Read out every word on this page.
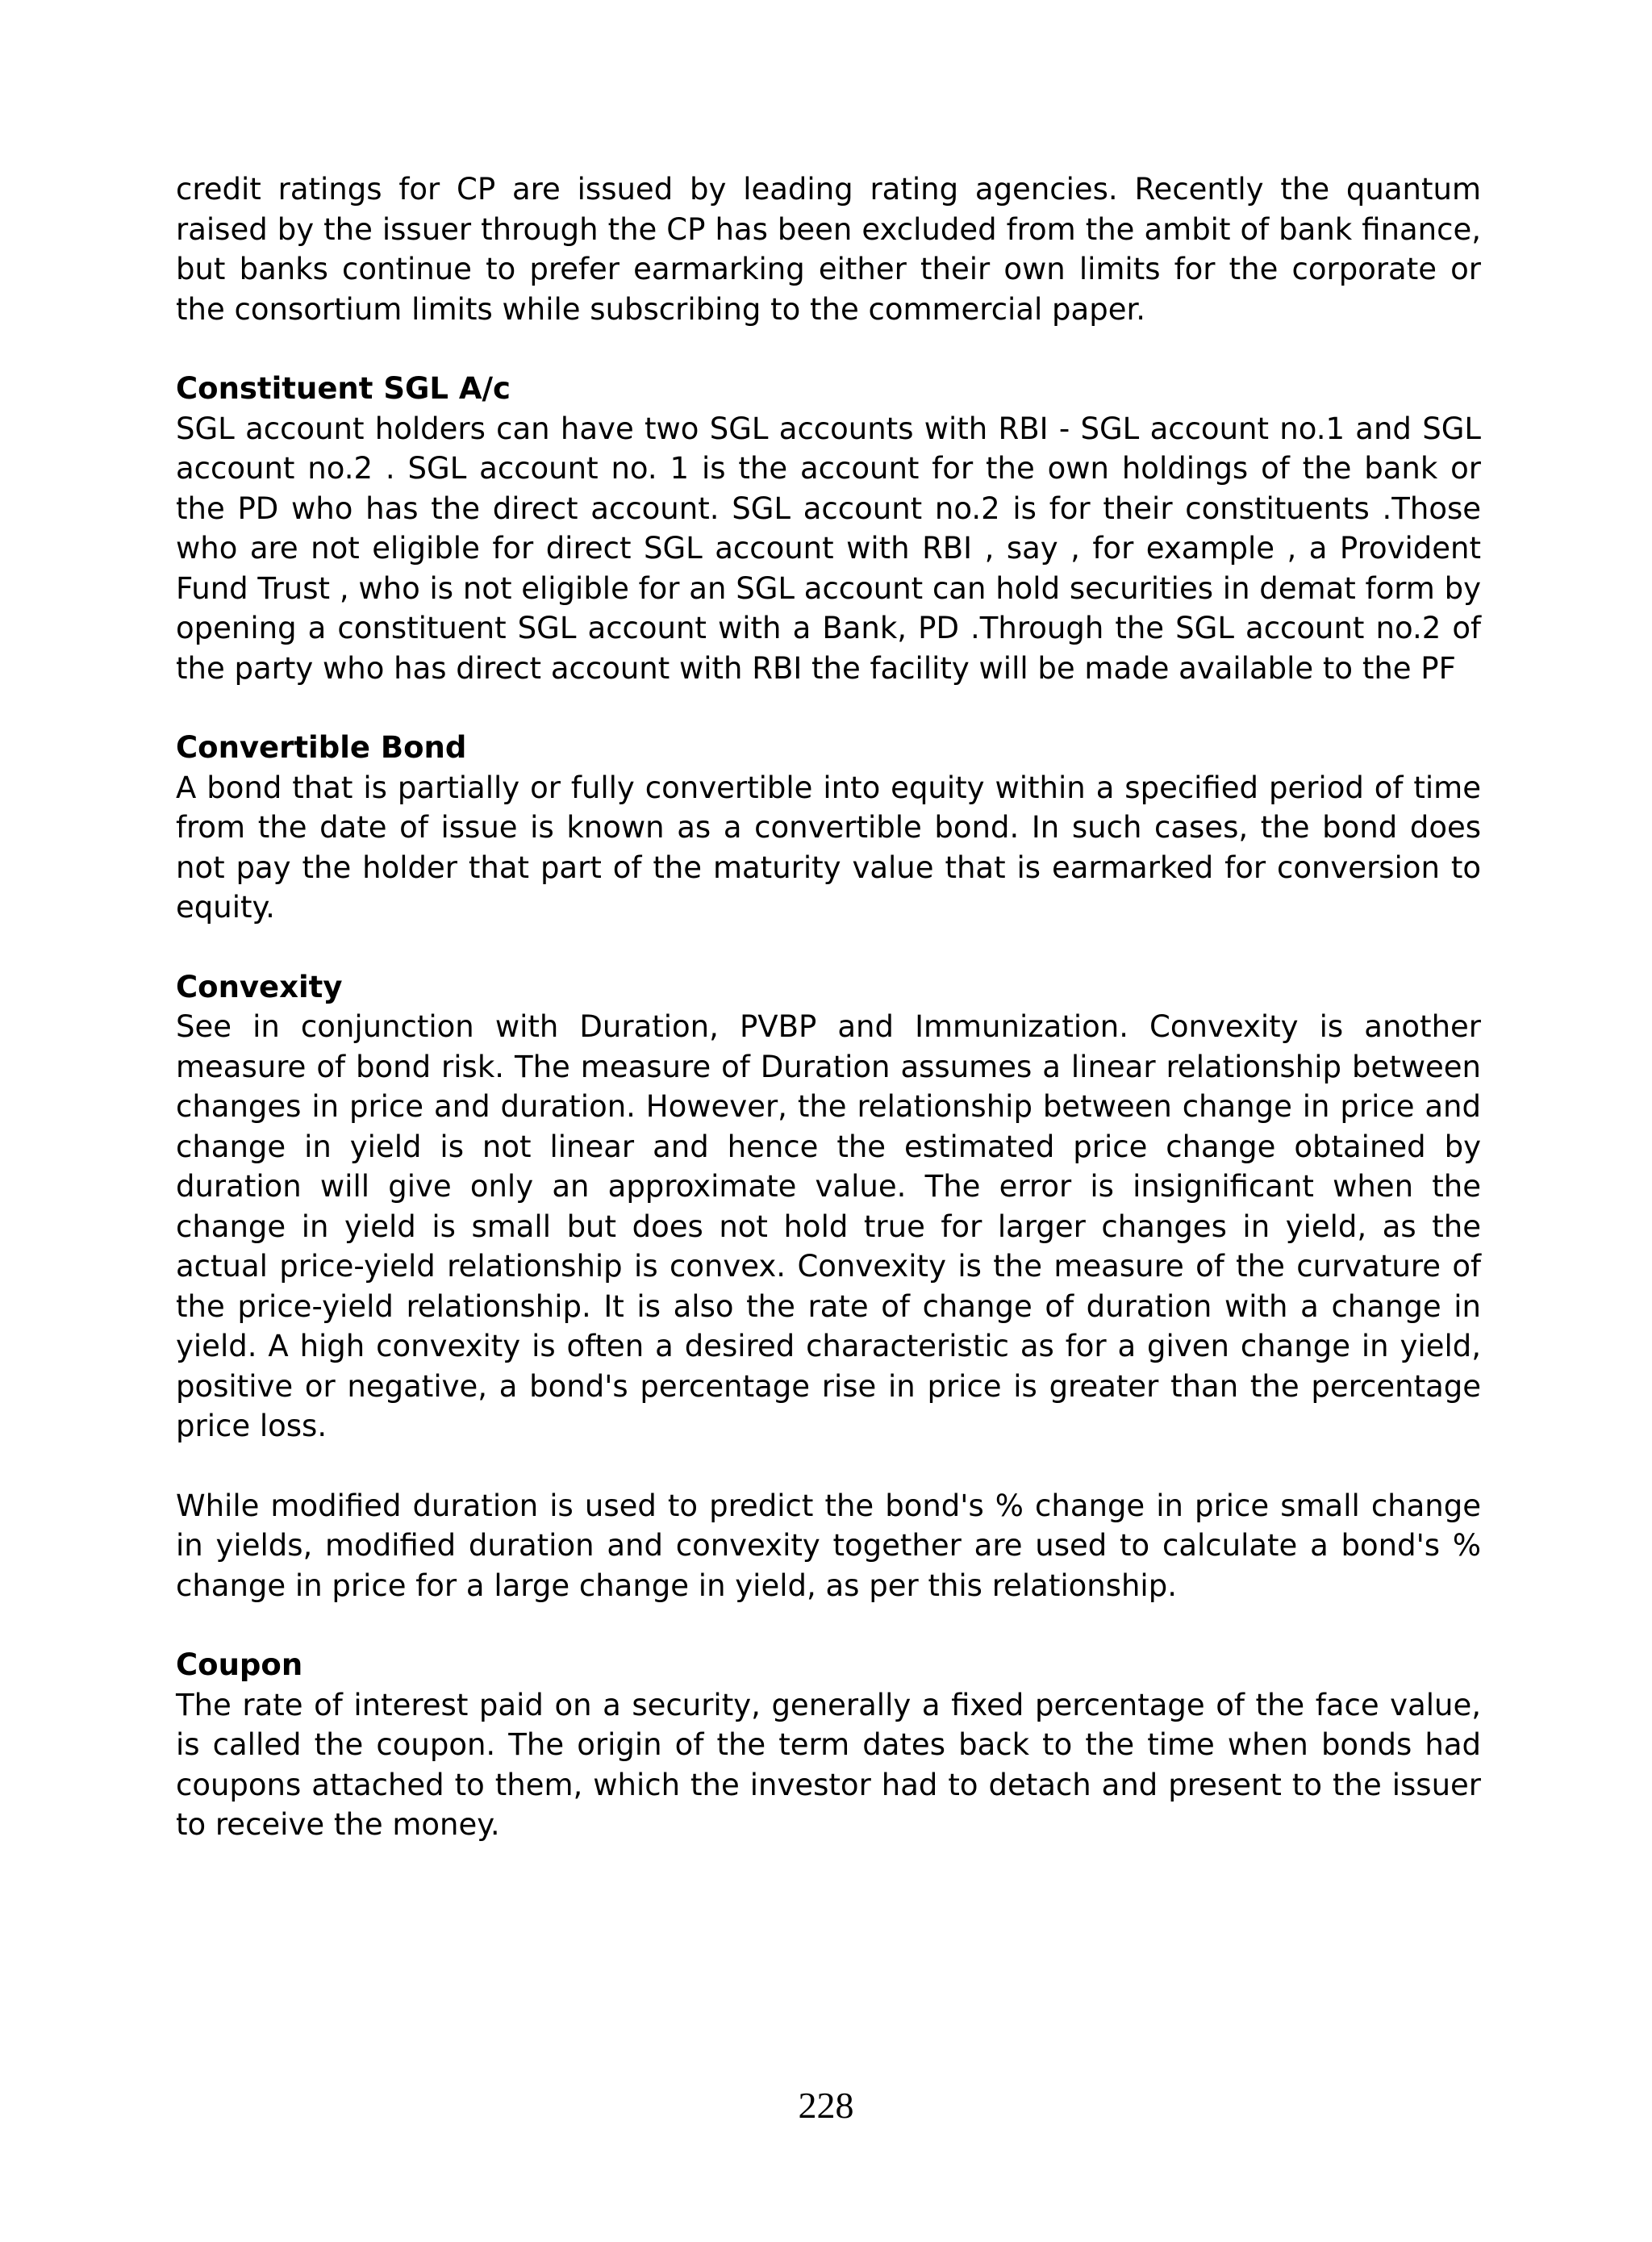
credit ratings for CP are issued by leading rating agencies. Recently the quantum raised by the issuer through the CP has been excluded from the ambit of bank finance, but banks continue to prefer earmarking either their own limits for the corporate or the consortium limits while subscribing to the commercial paper.

Constituent SGL A/c

SGL account holders can have two SGL accounts with RBI - SGL account no.1 and SGL account no.2 . SGL account no. 1 is the account for the own holdings of the bank or the PD who has the direct account. SGL account no.2 is for their constituents .Those who are not eligible for direct SGL account with RBI , say , for example , a Provident Fund Trust , who is not eligible for an SGL account can hold securities in demat form by opening a constituent SGL account with a Bank, PD .Through the SGL account no.2 of the party who has direct account with RBI the facility will be made available to the PF

Convertible Bond

A bond that is partially or fully convertible into equity within a specified period of time from the date of issue is known as a convertible bond. In such cases, the bond does not pay the holder that part of the maturity value that is earmarked for conversion to equity.

Convexity

See in conjunction with Duration, PVBP and Immunization. Convexity is another measure of bond risk. The measure of Duration assumes a linear relationship between changes in price and duration. However, the relationship between change in price and change in yield is not linear and hence the estimated price change obtained by duration will give only an approximate value. The error is insignificant when the change in yield is small but does not hold true for larger changes in yield, as the actual price-yield relationship is convex. Convexity is the measure of the curvature of the price-yield relationship. It is also the rate of change of duration with a change in yield. A high convexity is often a desired characteristic as for a given change in yield, positive or negative, a bond's percentage rise in price is greater than the percentage price loss.

While modified duration is used to predict the bond's % change in price small change in yields, modified duration and convexity together are used to calculate a bond's % change in price for a large change in yield, as per this relationship.

Coupon

The rate of interest paid on a security, generally a fixed percentage of the face value, is called the coupon. The origin of the term dates back to the time when bonds had coupons attached to them, which the investor had to detach and present to the issuer to receive the money.

228
